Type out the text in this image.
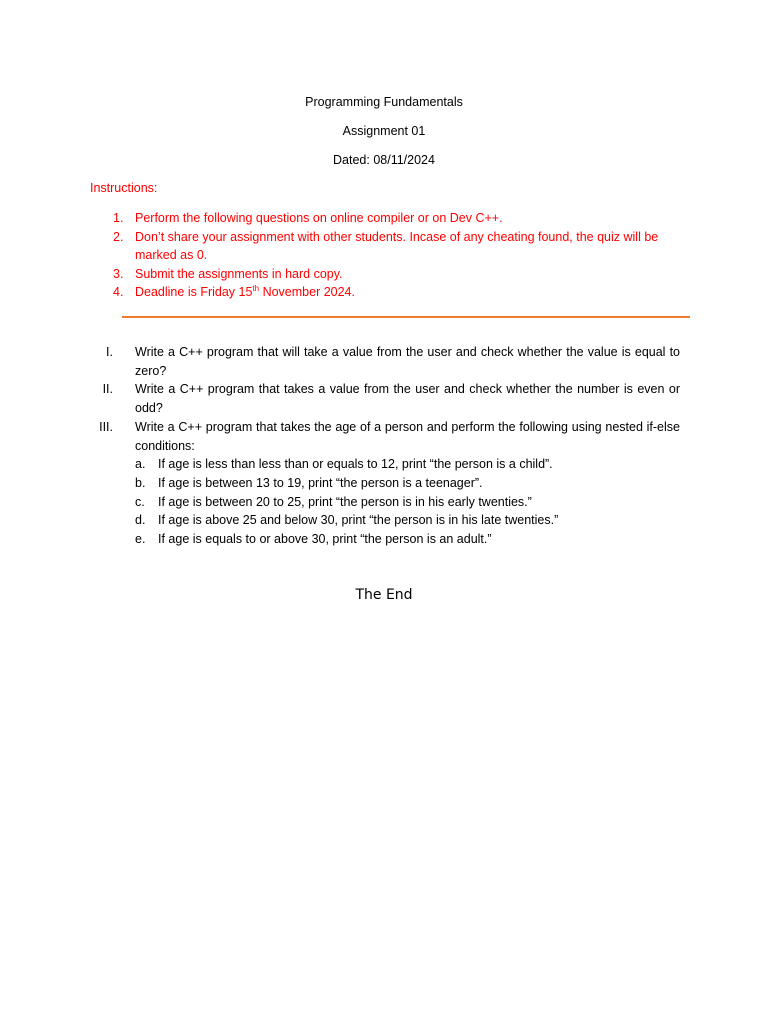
Programming Fundamentals
Assignment 01
Dated: 08/11/2024
Instructions:
1. Perform the following questions on online compiler or on Dev C++.
2. Don’t share your assignment with other students. Incase of any cheating found, the quiz will be marked as 0.
3. Submit the assignments in hard copy.
4. Deadline is Friday 15th November 2024.
I. Write a C++ program that will take a value from the user and check whether the value is equal to zero?
II. Write a C++ program that takes a value from the user and check whether the number is even or odd?
III. Write a C++ program that takes the age of a person and perform the following using nested if-else conditions:
a. If age is less than less than or equals to 12, print “the person is a child”.
b. If age is between 13 to 19, print “the person is a teenager”.
c. If age is between 20 to 25, print “the person is in his early twenties.”
d. If age is above 25 and below 30, print “the person is in his late twenties.”
e. If age is equals to or above 30, print “the person is an adult.”
The End
